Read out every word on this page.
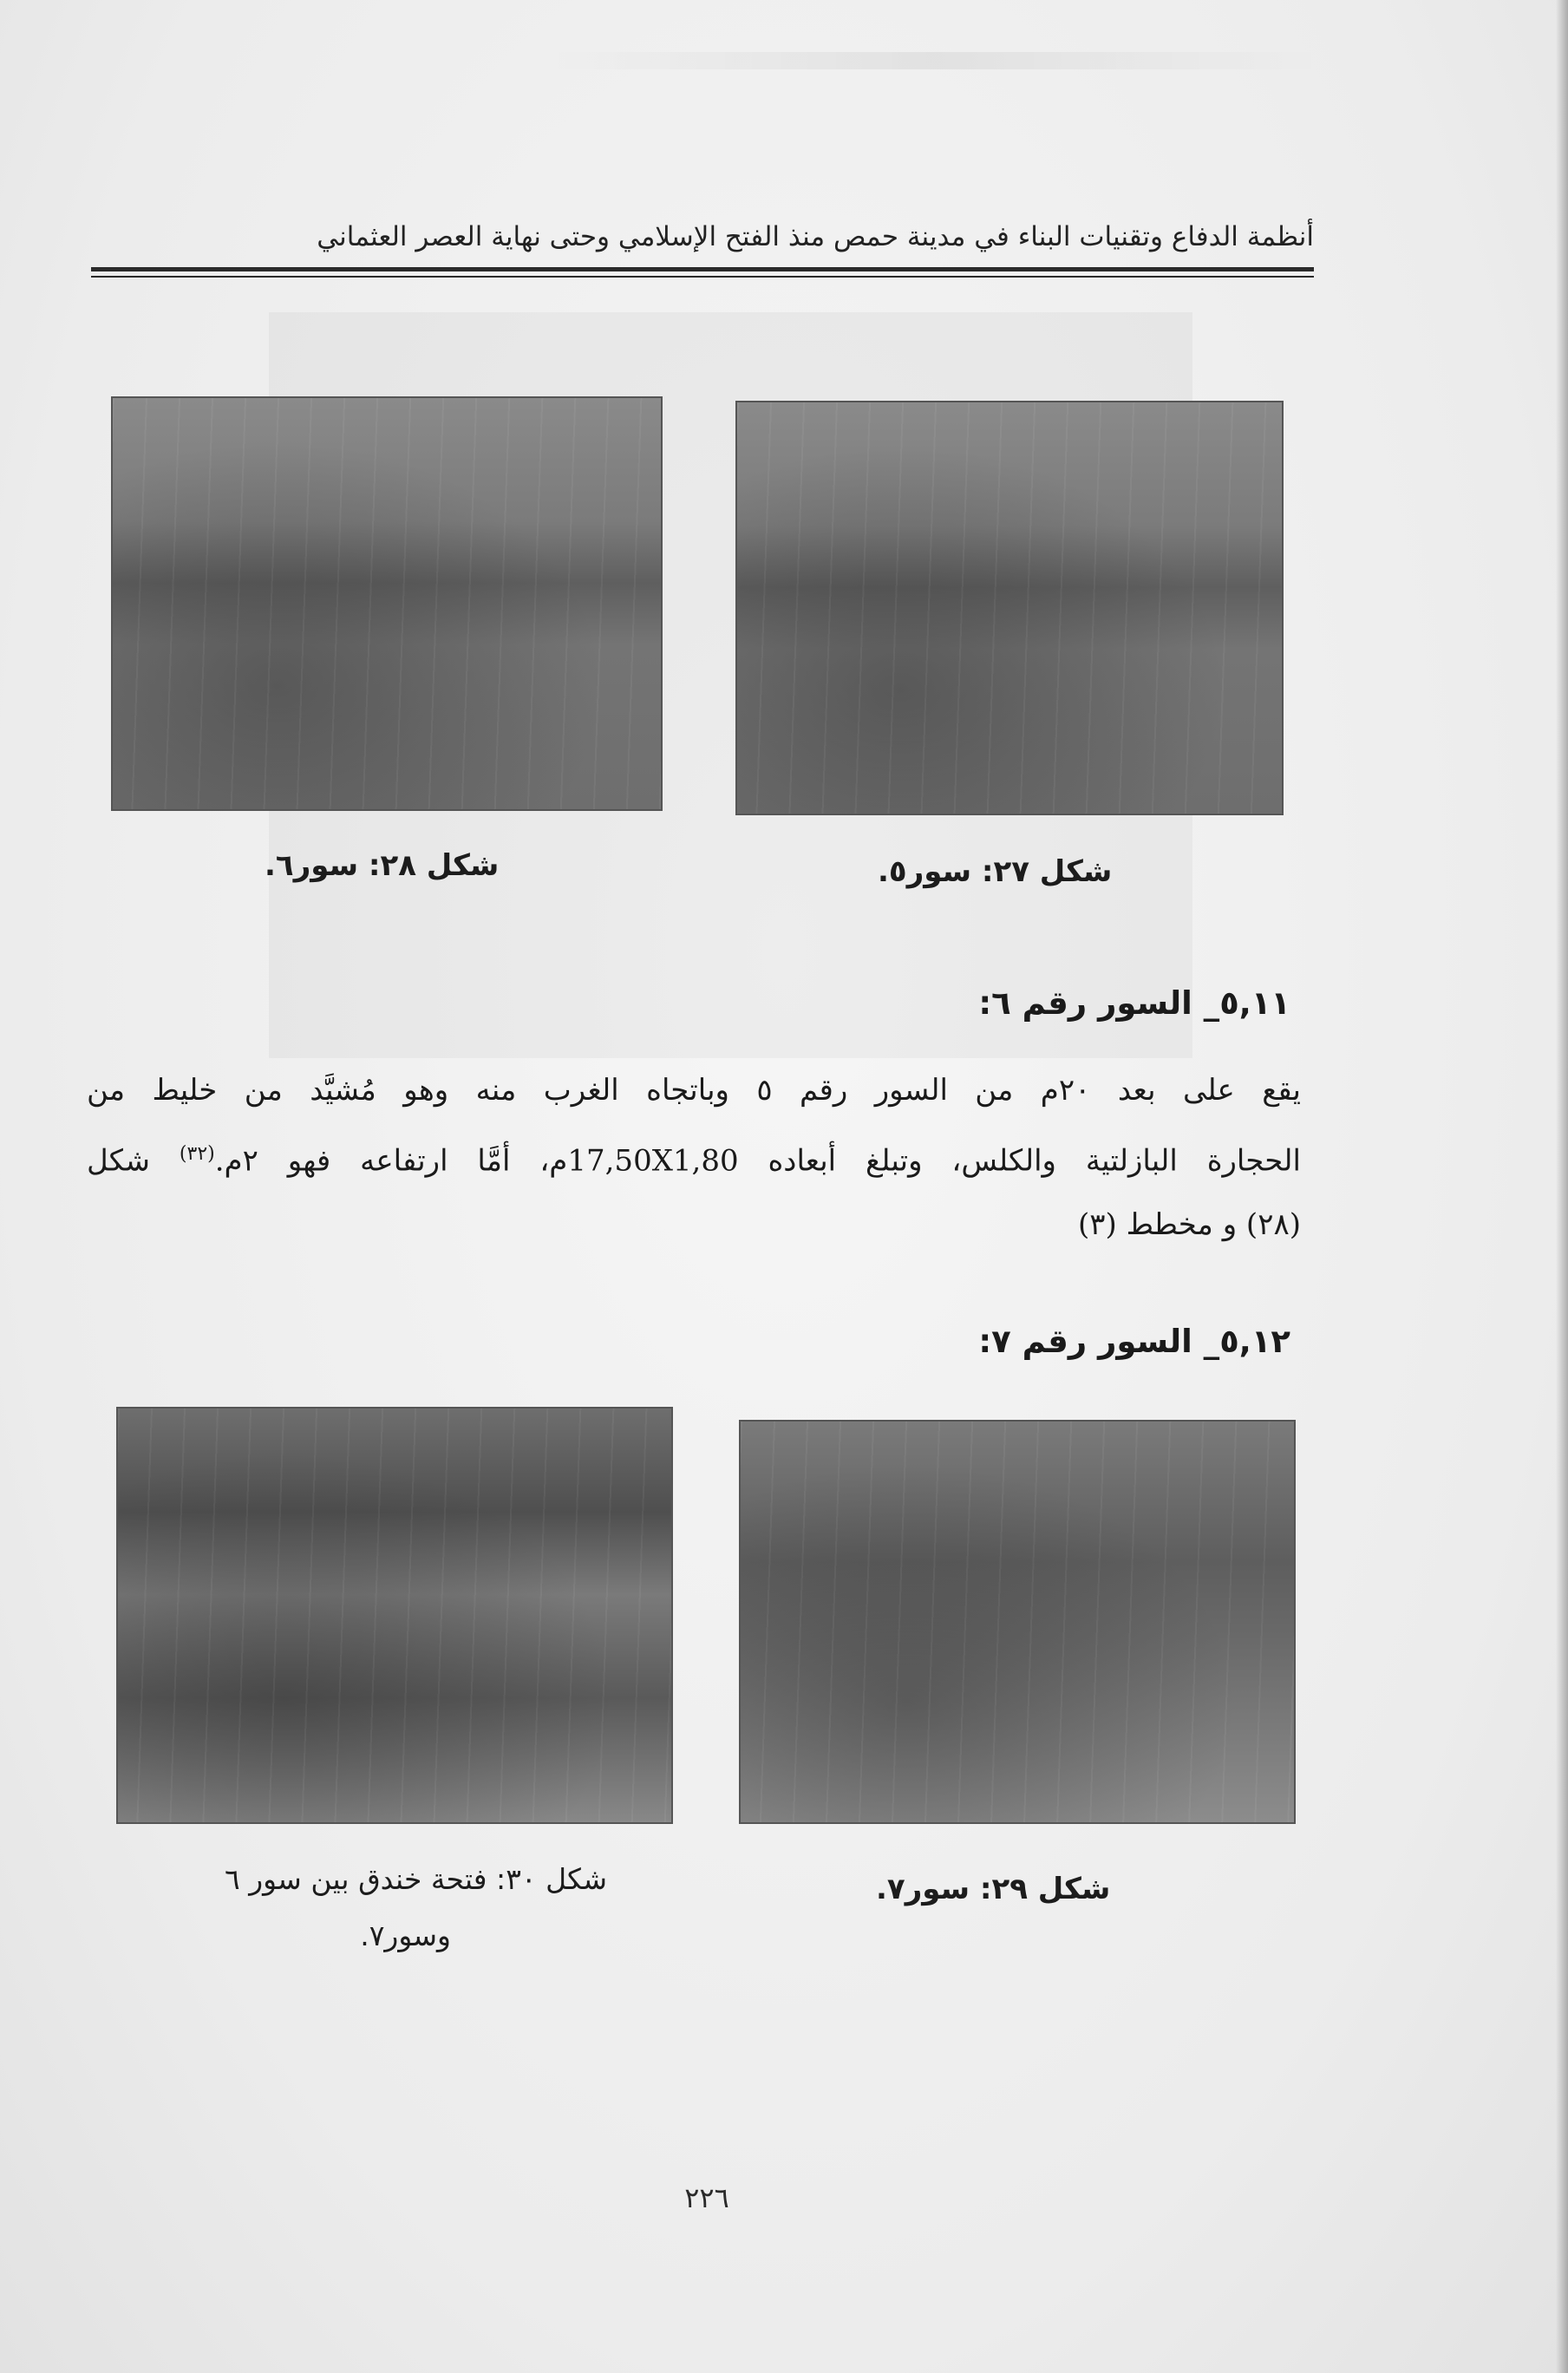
أنظمة الدفاع وتقنيات البناء في مدينة حمص منذ الفتح الإسلامي وحتى نهاية العصر العثماني
شكل ٢٧: سور٥.
شكل ٢٨: سور٦.
٥,١١_ السور رقم ٦:

يقع على بعد ٢٠م من السور رقم ٥ وباتجاه الغرب منه وهو مُشيَّد من خليط من

الحجارة البازلتية والكلس، وتبلغ أبعاده 17,50X1,80م، أمَّا ارتفاعه فهو ٢م.$^{(٣٢)}$ شكل

(٢٨) و مخطط (٣)

٥,١٢_ السور رقم ٧:
شكل ٢٩: سور٧.
شكل ٣٠: فتحة خندق بين سور ٦
وسور٧.
٢٢٦
